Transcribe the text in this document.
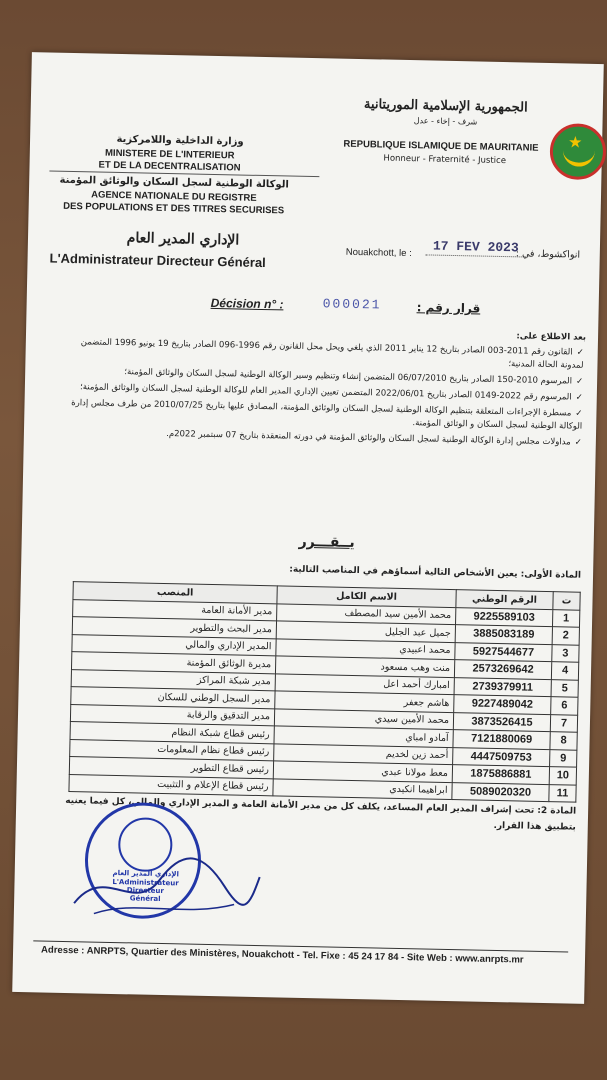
★
الجمهورية الإسلامية الموريتانية
شرف - إخاء - عدل
REPUBLIQUE ISLAMIQUE DE MAURITANIE
Honneur - Fraternité - Justice
وزارة الداخلية واللامركزية
MINISTERE DE L'INTERIEUR
ET DE LA DECENTRALISATION
الوكالة الوطنية لسجل السكان والوثائق المؤمنة
AGENCE NATIONALE DU REGISTRE
DES POPULATIONS ET DES TITRES SECURISES
Nouakchott, le : 17 FEV 2023
انواكشوط، في :
الإداري المدير العام
L'Administrateur Directeur Général
Décision n° :	000021	قرار رقم :
بعد الاطلاع على:
✓ القانون رقم 2011-003 الصادر بتاريخ 12 يناير 2011 الذي يلغي ويحل محل القانون رقم 1996-096 الصادر بتاريخ 19 يونيو 1996 المتضمن لمدونة الحالة المدنية؛
✓ المرسوم 2010-150 الصادر بتاريخ 06/07/2010 المتضمن إنشاء وتنظيم وسير الوكالة الوطنية لسجل السكان والوثائق المؤمنة؛
✓ المرسوم رقم 2022-0149 الصادر بتاريخ 2022/06/01 المتضمن تعيين الإداري المدير العام للوكالة الوطنية لسجل السكان والوثائق المؤمنة؛
✓ مسطرة الإجراءات المتعلقة بتنظيم الوكالة الوطنية لسجل السكان والوثائق المؤمنة، المصادق عليها بتاريخ 2010/07/25 من طرف مجلس إدارة الوكالة الوطنية لسجل السكان و الوثائق المؤمنة.
✓ مداولات مجلس إدارة الوكالة الوطنية لسجل السكان والوثائق المؤمنة في دورته المنعقدة بتاريخ 07 سبتمبر 2022م.
يــقـــرر
المادة الأولى: يعين الأشخاص التالية أسماؤهم في المناصب التالية:
ت	الرقم الوطني	الاسم الكامل	المنصب
1	9225589103	محمد الأمين سيد المصطف	مدير الأمانة العامة
2	3885083189	جميل عبد الجليل	مدير البحث والتطوير
3	5927544677	محمد اعبيدي	المدير الإداري والمالي
4	2573269642	منت وهب مسعود	مديرة الوثائق المؤمنة
5	2739379911	امبارك أحمد اعل	مدير شبكة المراكز
6	9227489042	هاشم جعفر	مدير السجل الوطني للسكان
7	3873526415	محمد الأمين سيدي	مدير التدقيق والرقابة
8	7121880069	آمادو امباي	رئيس قطاع شبكة النظام
9	4447509753	أحمد زين لخديم	رئيس قطاع نظام المعلومات
10	1875886881	معط مولانا عبدي	رئيس قطاع التطوير
11	5089020320	ابراهيما انكيدي	رئيس قطاع الإعلام و التثبيت
المادة 2: تحت إشراف المدير العام المساعد، يكلف كل من مدير الأمانة العامة و المدير الإداري والمالي، كل فيما يعنيه بتطبيق هذا القرار.
الإداري المدير العام
L'Administrateur
Directeur
Général
Adresse : ANRPTS, Quartier des Ministères, Nouakchott - Tel. Fixe : 45 24 17 84 - Site Web : www.anrpts.mr
